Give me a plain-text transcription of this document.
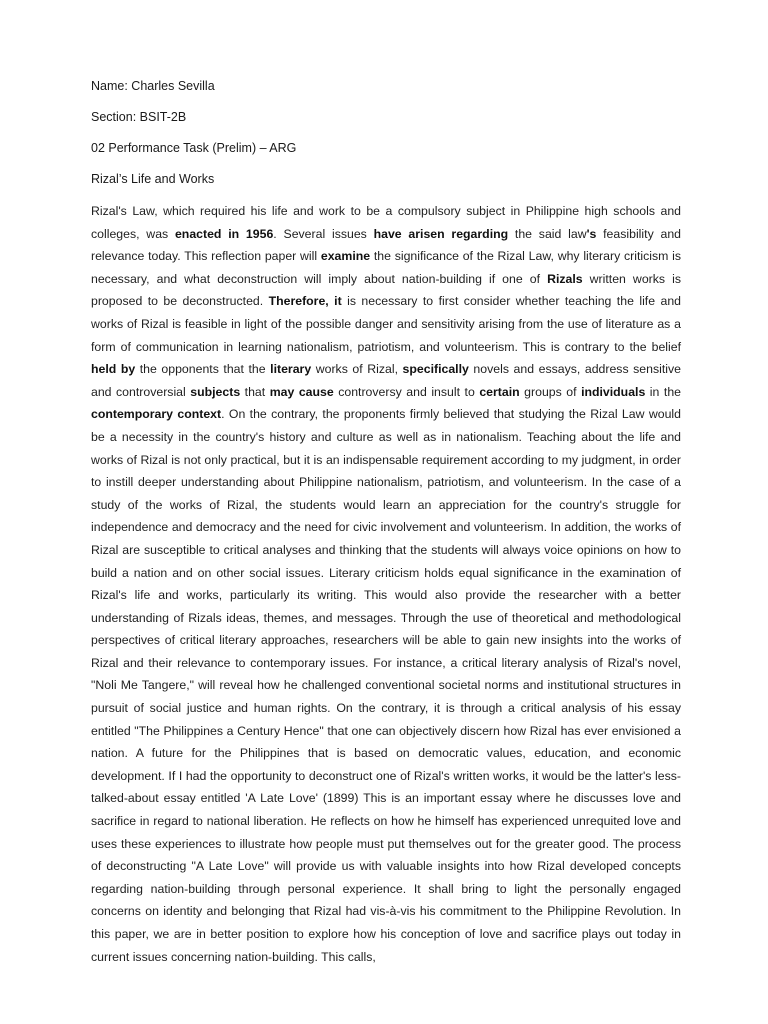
Name: Charles Sevilla
Section: BSIT-2B
02 Performance Task (Prelim) – ARG
Rizal’s Life and Works

Rizal's Law, which required his life and work to be a compulsory subject in Philippine high schools and colleges, was enacted in 1956. Several issues have arisen regarding the said law's feasibility and relevance today. This reflection paper will examine the significance of the Rizal Law, why literary criticism is necessary, and what deconstruction will imply about nation-building if one of Rizals written works is proposed to be deconstructed. Therefore, it is necessary to first consider whether teaching the life and works of Rizal is feasible in light of the possible danger and sensitivity arising from the use of literature as a form of communication in learning nationalism, patriotism, and volunteerism. This is contrary to the belief held by the opponents that the literary works of Rizal, specifically novels and essays, address sensitive and controversial subjects that may cause controversy and insult to certain groups of individuals in the contemporary context. On the contrary, the proponents firmly believed that studying the Rizal Law would be a necessity in the country's history and culture as well as in nationalism. Teaching about the life and works of Rizal is not only practical, but it is an indispensable requirement according to my judgment, in order to instill deeper understanding about Philippine nationalism, patriotism, and volunteerism. In the case of a study of the works of Rizal, the students would learn an appreciation for the country's struggle for independence and democracy and the need for civic involvement and volunteerism. In addition, the works of Rizal are susceptible to critical analyses and thinking that the students will always voice opinions on how to build a nation and on other social issues. Literary criticism holds equal significance in the examination of Rizal's life and works, particularly its writing. This would also provide the researcher with a better understanding of Rizals ideas, themes, and messages. Through the use of theoretical and methodological perspectives of critical literary approaches, researchers will be able to gain new insights into the works of Rizal and their relevance to contemporary issues. For instance, a critical literary analysis of Rizal's novel, "Noli Me Tangere," will reveal how he challenged conventional societal norms and institutional structures in pursuit of social justice and human rights. On the contrary, it is through a critical analysis of his essay entitled "The Philippines a Century Hence" that one can objectively discern how Rizal has ever envisioned a nation. A future for the Philippines that is based on democratic values, education, and economic development. If I had the opportunity to deconstruct one of Rizal's written works, it would be the latter's less-talked-about essay entitled 'A Late Love' (1899) This is an important essay where he discusses love and sacrifice in regard to national liberation. He reflects on how he himself has experienced unrequited love and uses these experiences to illustrate how people must put themselves out for the greater good. The process of deconstructing "A Late Love" will provide us with valuable insights into how Rizal developed concepts regarding nation-building through personal experience. It shall bring to light the personally engaged concerns on identity and belonging that Rizal had vis-à-vis his commitment to the Philippine Revolution. In this paper, we are in better position to explore how his conception of love and sacrifice plays out today in current issues concerning nation-building. This calls,
